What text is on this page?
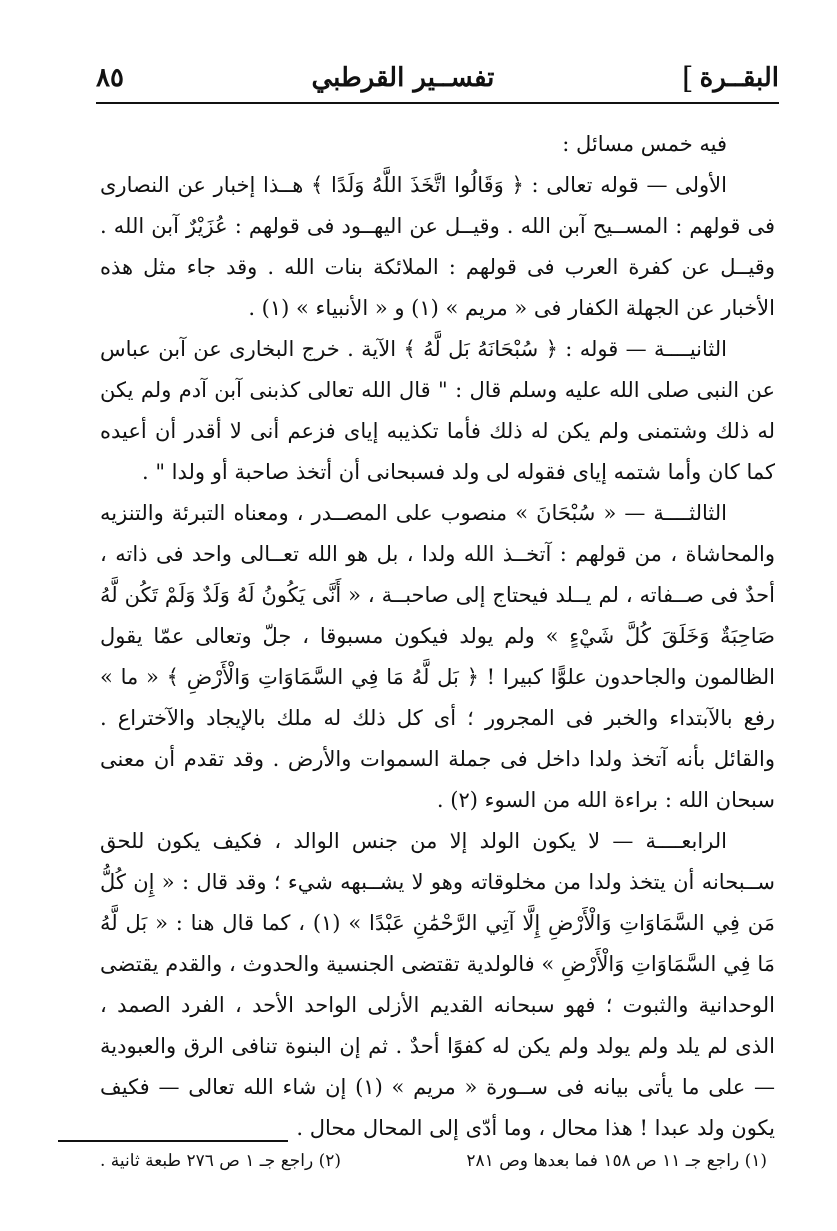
البقــرة
]
تفســير القرطبي
٨٥

فيه خمس مسائل :

الأولى — قوله تعالى : ﴿ وَقَالُوا اتَّخَذَ اللَّهُ وَلَدًا ﴾ هــذا إخبار عن النصارى فى قولهم : المســيح آبن الله . وقيــل عن اليهــود فى قولهم : عُزَيْرٌ آبن الله . وقيــل عن كفرة العرب فى قولهم : الملائكة بنات الله . وقد جاء مثل هذه الأخبار عن الجهلة الكفار فى « مريم » (١) و « الأنبياء » (١) .

الثانيــــة — قوله : ﴿ سُبْحَانَهُ بَل لَّهُ ﴾ الآية . خرج البخارى عن آبن عباس عن النبى صلى الله عليه وسلم قال : " قال الله تعالى كذبنى آبن آدم ولم يكن له ذلك وشتمنى ولم يكن له ذلك فأما تكذيبه إياى فزعم أنى لا أقدر أن أعيده كما كان وأما شتمه إياى فقوله لى ولد فسبحانى أن أتخذ صاحبة أو ولدا " .

الثالثــــة — « سُبْحَانَ » منصوب على المصــدر ، ومعناه التبرئة والتنزيه والمحاشاة ، من قولهم : آتخــذ الله ولدا ، بل هو الله تعــالى واحد فى ذاته ، أحدٌ فى صــفاته ، لم يــلد فيحتاج إلى صاحبــة ، « أَنَّى يَكُونُ لَهُ وَلَدٌ وَلَمْ تَكُن لَّهُ صَاحِبَةٌ وَخَلَقَ كُلَّ شَيْءٍ » ولم يولد فيكون مسبوقا ، جلّ وتعالى عمّا يقول الظالمون والجاحدون علوًّا كبيرا ! ﴿ بَل لَّهُ مَا فِي السَّمَاوَاتِ وَالْأَرْضِ ﴾ « ما » رفع بالآبتداء والخبر فى المجرور ؛ أى كل ذلك له ملك بالإيجاد والآختراع . والقائل بأنه آتخذ ولدا داخل فى جملة السموات والأرض . وقد تقدم أن معنى سبحان الله : براءة الله من السوء (٢) .

الرابعــــة — لا يكون الولد إلا من جنس الوالد ، فكيف يكون للحق ســبحانه أن يتخذ ولدا من مخلوقاته وهو لا يشــبهه شيء ؛ وقد قال : « إِن كُلُّ مَن فِي السَّمَاوَاتِ وَالْأَرْضِ إِلَّا آتِي الرَّحْمَٰنِ عَبْدًا » (١) ، كما قال هنا : « بَل لَّهُ مَا فِي السَّمَاوَاتِ وَالْأَرْضِ » فالولدية تقتضى الجنسية والحدوث ، والقدم يقتضى الوحدانية والثبوت ؛ فهو سبحانه القديم الأزلى الواحد الأحد ، الفرد الصمد ، الذى لم يلد ولم يولد ولم يكن له كفوًا أحدٌ . ثم إن البنوة تنافى الرق والعبودية — على ما يأتى بيانه فى ســورة « مريم » (١) إن شاء الله تعالى — فكيف يكون ولد عبدا ! هذا محال ، وما أدّى إلى المحال محال .

(١) راجع جـ ١١ ص ١٥٨ فما بعدها وص ٢٨١
(٢) راجع جـ ١ ص ٢٧٦ طبعة ثانية .
